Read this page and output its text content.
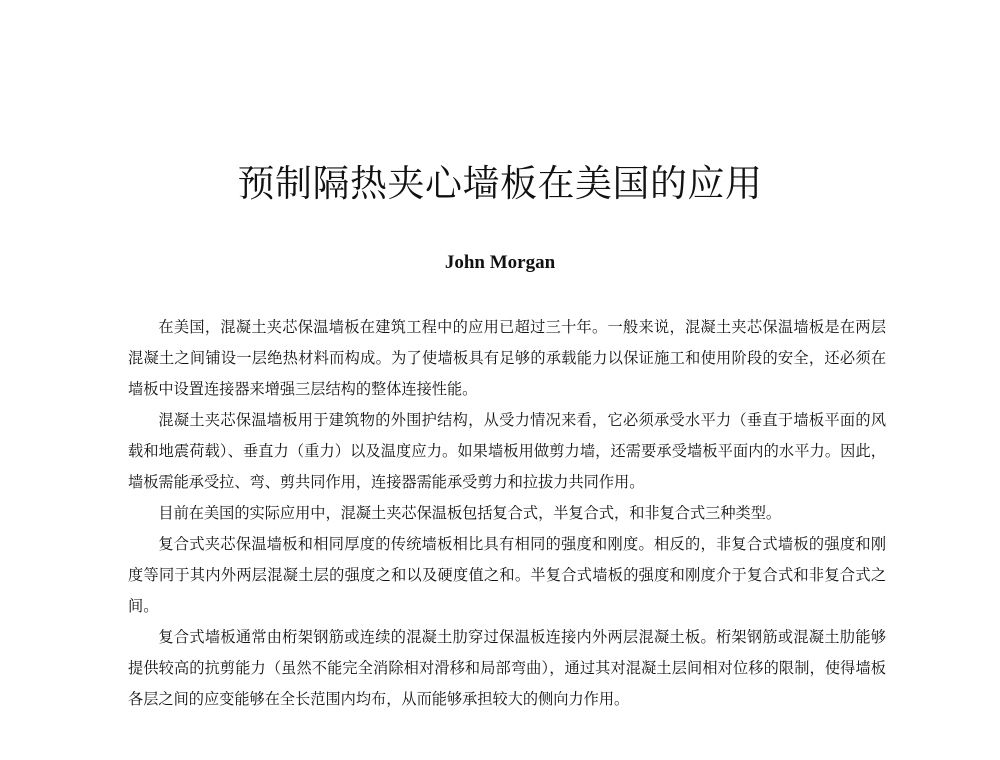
预制隔热夹心墙板在美国的应用
John Morgan

在美国，混凝土夹芯保温墙板在建筑工程中的应用已超过三十年。一般来说，混凝土夹芯保温墙板是在两层混凝土之间铺设一层绝热材料而构成。为了使墙板具有足够的承载能力以保证施工和使用阶段的安全，还必须在墙板中设置连接器来增强三层结构的整体连接性能。

混凝土夹芯保温墙板用于建筑物的外围护结构，从受力情况来看，它必须承受水平力（垂直于墙板平面的风载和地震荷载）、垂直力（重力）以及温度应力。如果墙板用做剪力墙，还需要承受墙板平面内的水平力。因此，墙板需能承受拉、弯、剪共同作用，连接器需能承受剪力和拉拔力共同作用。

目前在美国的实际应用中，混凝土夹芯保温板包括复合式，半复合式，和非复合式三种类型。

复合式夹芯保温墙板和相同厚度的传统墙板相比具有相同的强度和刚度。相反的，非复合式墙板的强度和刚度等同于其内外两层混凝土层的强度之和以及硬度值之和。半复合式墙板的强度和刚度介于复合式和非复合式之间。

复合式墙板通常由桁架钢筋或连续的混凝土肋穿过保温板连接内外两层混凝土板。桁架钢筋或混凝土肋能够提供较高的抗剪能力（虽然不能完全消除相对滑移和局部弯曲），通过其对混凝土层间相对位移的限制，使得墙板各层之间的应变能够在全长范围内均布，从而能够承担较大的侧向力作用。
